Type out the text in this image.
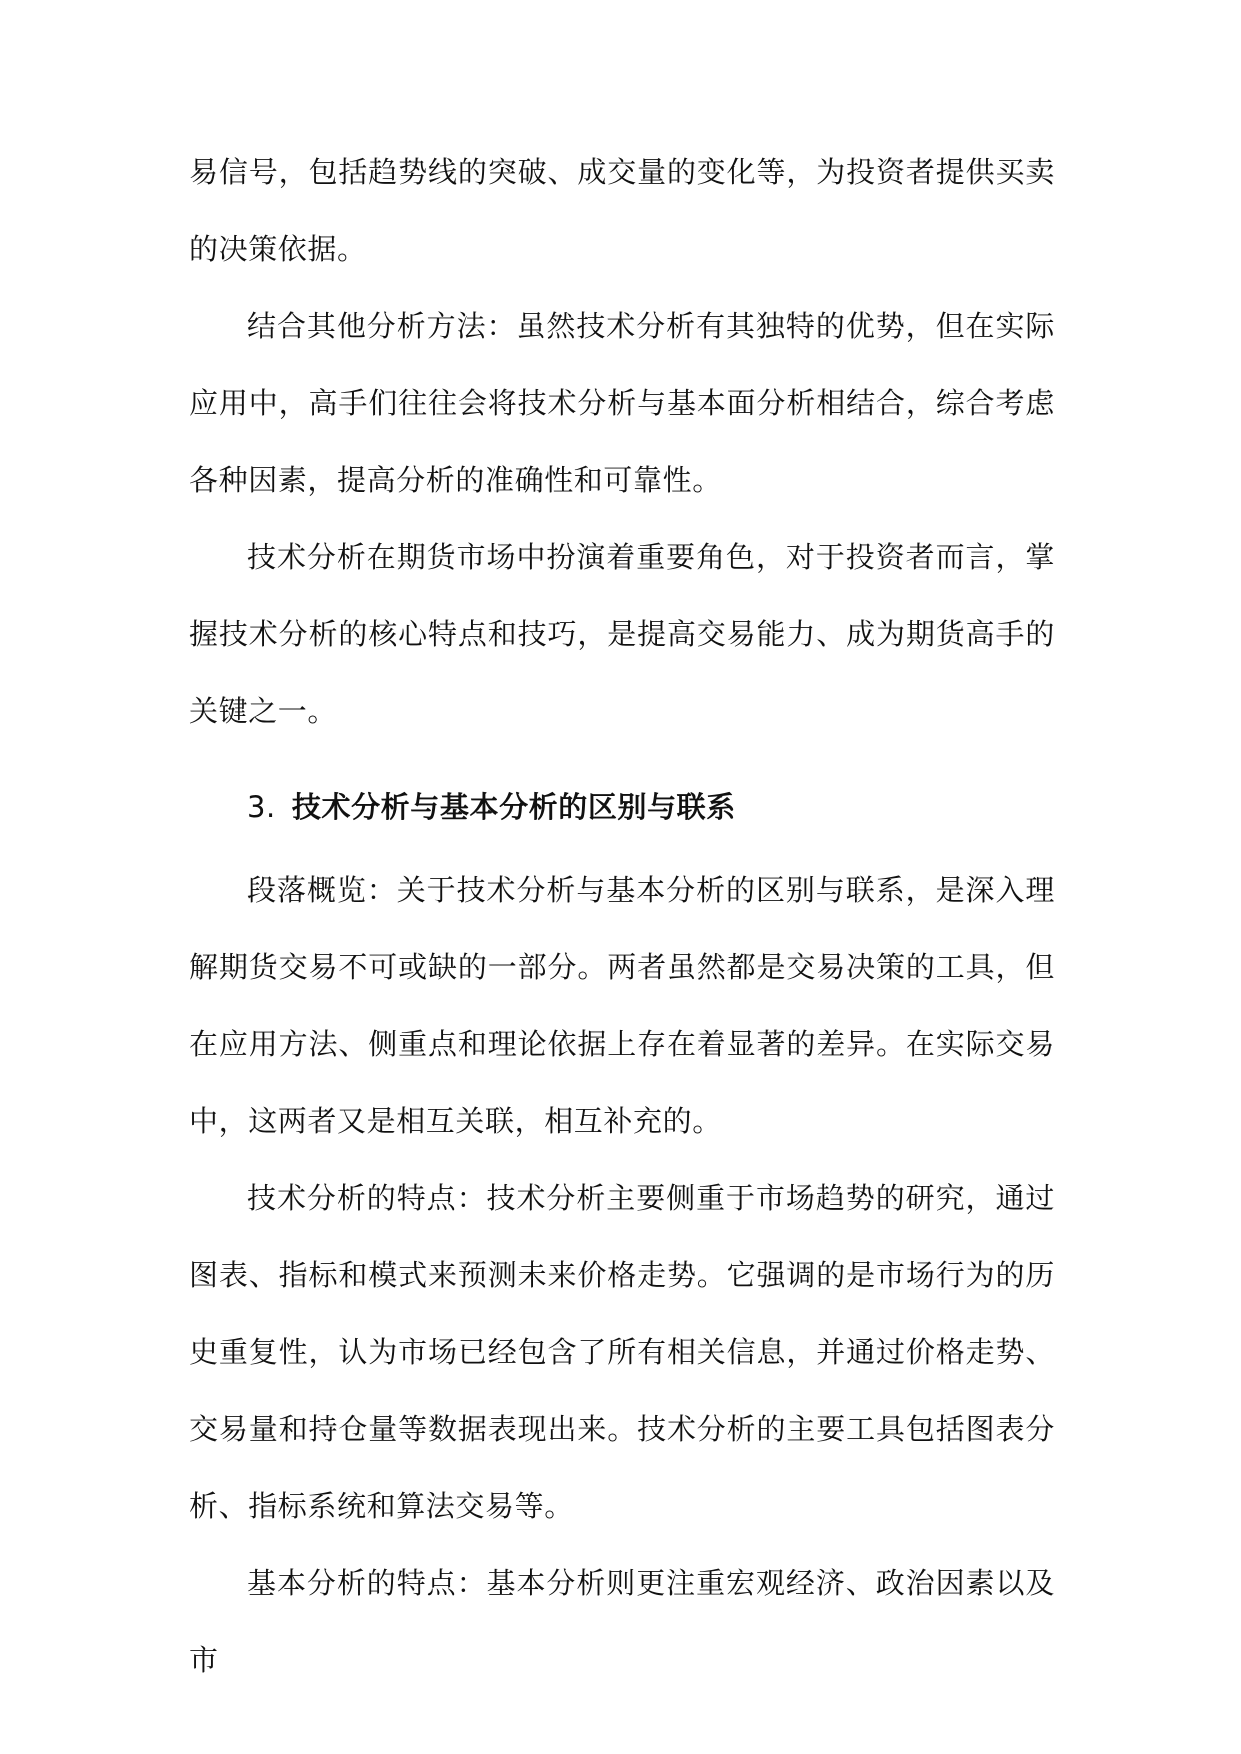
易信号，包括趋势线的突破、成交量的变化等，为投资者提供买卖的决策依据。

结合其他分析方法：虽然技术分析有其独特的优势，但在实际应用中，高手们往往会将技术分析与基本面分析相结合，综合考虑各种因素，提高分析的准确性和可靠性。

技术分析在期货市场中扮演着重要角色，对于投资者而言，掌握技术分析的核心特点和技巧，是提高交易能力、成为期货高手的关键之一。

3. 技术分析与基本分析的区别与联系

段落概览：关于技术分析与基本分析的区别与联系，是深入理解期货交易不可或缺的一部分。两者虽然都是交易决策的工具，但在应用方法、侧重点和理论依据上存在着显著的差异。在实际交易中，这两者又是相互关联，相互补充的。

技术分析的特点：技术分析主要侧重于市场趋势的研究，通过图表、指标和模式来预测未来价格走势。它强调的是市场行为的历史重复性，认为市场已经包含了所有相关信息，并通过价格走势、交易量和持仓量等数据表现出来。技术分析的主要工具包括图表分析、指标系统和算法交易等。

基本分析的特点：基本分析则更注重宏观经济、政治因素以及市
